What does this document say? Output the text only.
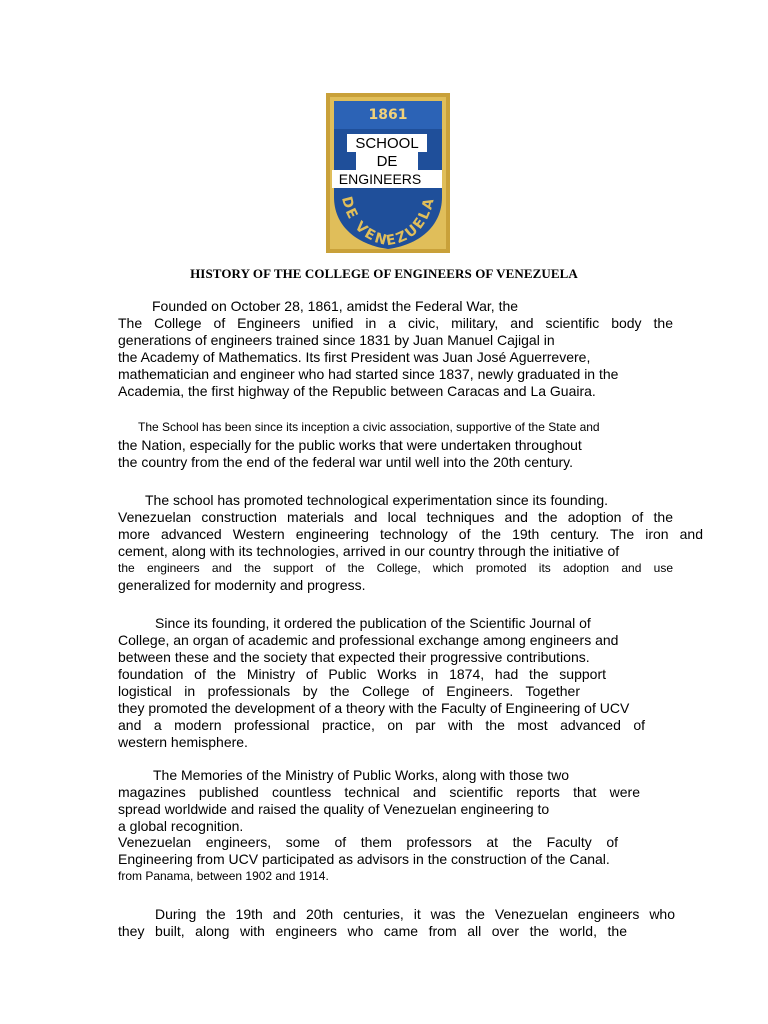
1861
SCHOOL
DE
ENGINEERS
DE VENEZUELA
HISTORY OF THE COLLEGE OF ENGINEERS OF VENEZUELA
Founded on October 28, 1861, amidst the Federal War, the
The College of Engineers unified in a civic, military, and scientific body the
generations of engineers trained since 1831 by Juan Manuel Cajigal in
the Academy of Mathematics. Its first President was Juan José Aguerrevere,
mathematician and engineer who had started since 1837, newly graduated in the
Academia, the first highway of the Republic between Caracas and La Guaira.
The School has been since its inception a civic association, supportive of the State and
the Nation, especially for the public works that were undertaken throughout
the country from the end of the federal war until well into the 20th century.
The school has promoted technological experimentation since its founding.
Venezuelan construction materials and local techniques and the adoption of the
more advanced Western engineering technology of the 19th century. The iron and
cement, along with its technologies, arrived in our country through the initiative of
the engineers and the support of the College, which promoted its adoption and use
generalized for modernity and progress.
Since its founding, it ordered the publication of the Scientific Journal of
College, an organ of academic and professional exchange among engineers and
between these and the society that expected their progressive contributions.
foundation of the Ministry of Public Works in 1874, had the support
logistical in professionals by the College of Engineers. Together
they promoted the development of a theory with the Faculty of Engineering of UCV
and a modern professional practice, on par with the most advanced of
western hemisphere.
The Memories of the Ministry of Public Works, along with those two
magazines published countless technical and scientific reports that were
spread worldwide and raised the quality of Venezuelan engineering to
a global recognition.
Venezuelan engineers, some of them professors at the Faculty of
Engineering from UCV participated as advisors in the construction of the Canal.
from Panama, between 1902 and 1914.
During the 19th and 20th centuries, it was the Venezuelan engineers who
they built, along with engineers who came from all over the world, the
